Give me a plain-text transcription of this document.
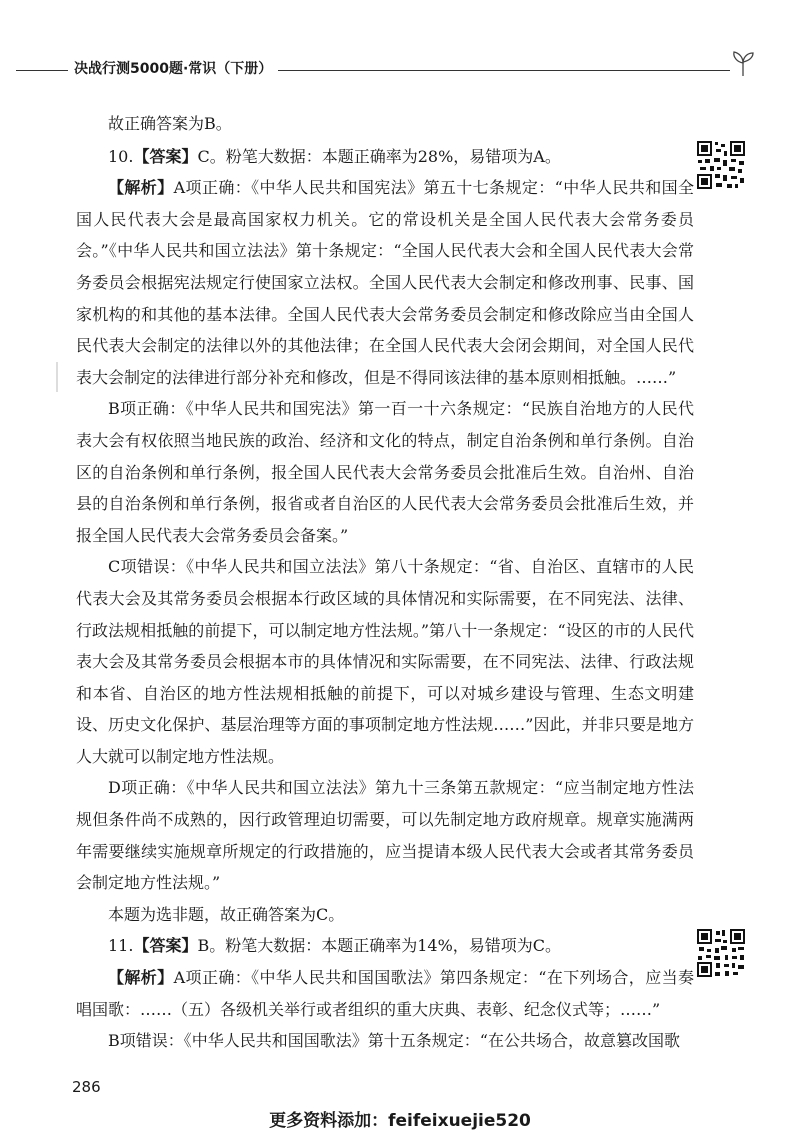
决战行测5000题·常识（下册）

故正确答案为B。

10.【答案】C。粉笔大数据：本题正确率为28%，易错项为A。

【解析】A项正确：《中华人民共和国宪法》第五十七条规定：“中华人民共和国全国人民代表大会是最高国家权力机关。它的常设机关是全国人民代表大会常务委员会。”《中华人民共和国立法法》第十条规定：“全国人民代表大会和全国人民代表大会常务委员会根据宪法规定行使国家立法权。全国人民代表大会制定和修改刑事、民事、国家机构的和其他的基本法律。全国人民代表大会常务委员会制定和修改除应当由全国人民代表大会制定的法律以外的其他法律；在全国人民代表大会闭会期间，对全国人民代表大会制定的法律进行部分补充和修改，但是不得同该法律的基本原则相抵触。……”

B项正确：《中华人民共和国宪法》第一百一十六条规定：“民族自治地方的人民代表大会有权依照当地民族的政治、经济和文化的特点，制定自治条例和单行条例。自治区的自治条例和单行条例，报全国人民代表大会常务委员会批准后生效。自治州、自治县的自治条例和单行条例，报省或者自治区的人民代表大会常务委员会批准后生效，并报全国人民代表大会常务委员会备案。”

C项错误：《中华人民共和国立法法》第八十条规定：“省、自治区、直辖市的人民代表大会及其常务委员会根据本行政区域的具体情况和实际需要，在不同宪法、法律、行政法规相抵触的前提下，可以制定地方性法规。”第八十一条规定：“设区的市的人民代表大会及其常务委员会根据本市的具体情况和实际需要，在不同宪法、法律、行政法规和本省、自治区的地方性法规相抵触的前提下，可以对城乡建设与管理、生态文明建设、历史文化保护、基层治理等方面的事项制定地方性法规……”因此，并非只要是地方人大就可以制定地方性法规。

D项正确：《中华人民共和国立法法》第九十三条第五款规定：“应当制定地方性法规但条件尚不成熟的，因行政管理迫切需要，可以先制定地方政府规章。规章实施满两年需要继续实施规章所规定的行政措施的，应当提请本级人民代表大会或者其常务委员会制定地方性法规。”

本题为选非题，故正确答案为C。

11.【答案】B。粉笔大数据：本题正确率为14%，易错项为C。

【解析】A项正确：《中华人民共和国国歌法》第四条规定：“在下列场合，应当奏唱国歌：……（五）各级机关举行或者组织的重大庆典、表彰、纪念仪式等；……”

B项错误：《中华人民共和国国歌法》第十五条规定：“在公共场合，故意篡改国歌

286
更多资料添加：feifeixuejie520
